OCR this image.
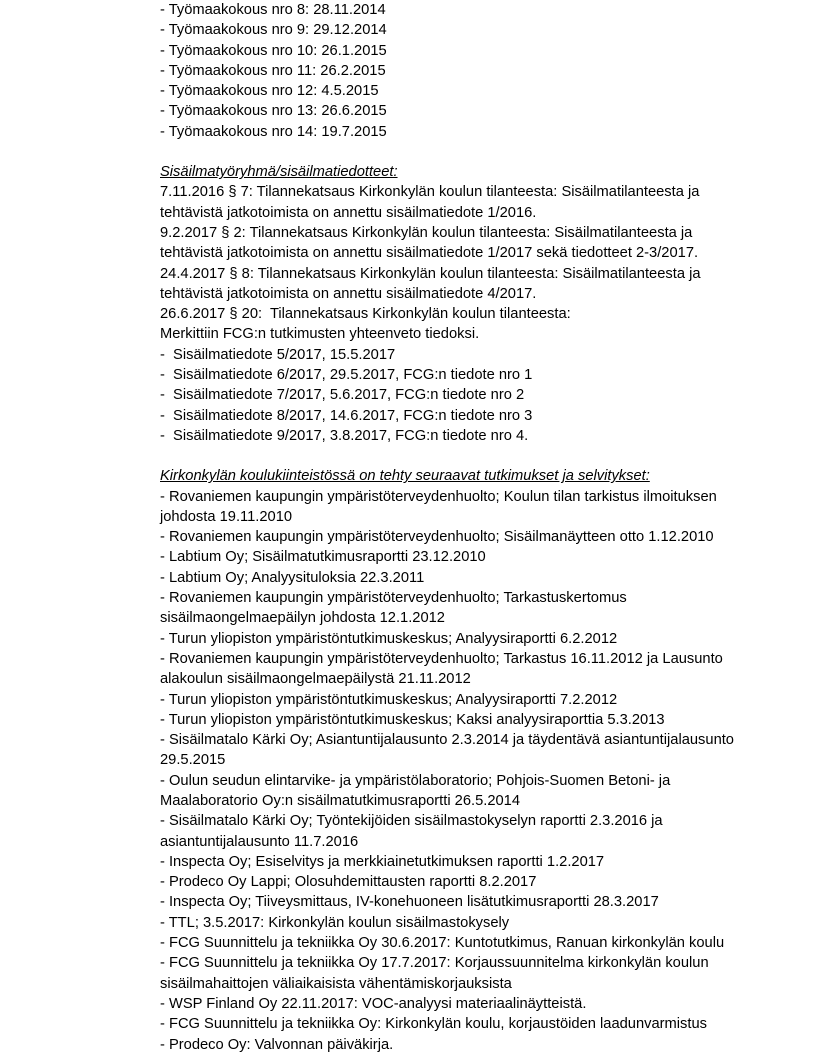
- Työmaakokous nro 8: 28.11.2014
- Työmaakokous nro 9: 29.12.2014
- Työmaakokous nro 10: 26.1.2015
- Työmaakokous nro 11: 26.2.2015
- Työmaakokous nro 12: 4.5.2015
- Työmaakokous nro 13: 26.6.2015
- Työmaakokous nro 14: 19.7.2015
Sisäilmatyöryhmä/sisäilmatiedotteet:
7.11.2016 § 7: Tilannekatsaus Kirkonkylän koulun tilanteesta: Sisäilmatilanteesta ja tehtävistä jatkotoimista on annettu sisäilmatiedote 1/2016.
9.2.2017 § 2: Tilannekatsaus Kirkonkylän koulun tilanteesta: Sisäilmatilanteesta ja tehtävistä jatkotoimista on annettu sisäilmatiedote 1/2017 sekä tiedotteet 2-3/2017.
24.4.2017 § 8: Tilannekatsaus Kirkonkylän koulun tilanteesta: Sisäilmatilanteesta ja tehtävistä jatkotoimista on annettu sisäilmatiedote 4/2017.
26.6.2017 § 20:  Tilannekatsaus Kirkonkylän koulun tilanteesta:
Merkittiin FCG:n tutkimusten yhteenveto tiedoksi.
-  Sisäilmatiedote 5/2017, 15.5.2017
-  Sisäilmatiedote 6/2017, 29.5.2017, FCG:n tiedote nro 1
-  Sisäilmatiedote 7/2017, 5.6.2017, FCG:n tiedote nro 2
-  Sisäilmatiedote 8/2017, 14.6.2017, FCG:n tiedote nro 3
-  Sisäilmatiedote 9/2017, 3.8.2017, FCG:n tiedote nro 4.
Kirkonkylän koulukiinteistössä on tehty seuraavat tutkimukset ja selvitykset:
- Rovaniemen kaupungin ympäristöterveydenhuolto; Koulun tilan tarkistus ilmoituksen johdosta 19.11.2010
- Rovaniemen kaupungin ympäristöterveydenhuolto; Sisäilmanäytteen otto 1.12.2010
- Labtium Oy; Sisäilmatutkimusraportti 23.12.2010
- Labtium Oy; Analyysituloksia 22.3.2011
- Rovaniemen kaupungin ympäristöterveydenhuolto; Tarkastuskertomus sisäilmaongelmaepäilyn johdosta 12.1.2012
- Turun yliopiston ympäristöntutkimuskeskus; Analyysiraportti 6.2.2012
- Rovaniemen kaupungin ympäristöterveydenhuolto; Tarkastus 16.11.2012 ja Lausunto alakoulun sisäilmaongelmaepäilystä 21.11.2012
- Turun yliopiston ympäristöntutkimuskeskus; Analyysiraportti 7.2.2012
- Turun yliopiston ympäristöntutkimuskeskus; Kaksi analyysiraporttia 5.3.2013
- Sisäilmatalo Kärki Oy; Asiantuntijalausunto 2.3.2014 ja täydentävä asiantuntijalausunto 29.5.2015
- Oulun seudun elintarvike- ja ympäristölaboratorio; Pohjois-Suomen Betoni- ja Maalaboratorio Oy:n sisäilmatutkimusraportti 26.5.2014
- Sisäilmatalo Kärki Oy; Työntekijöiden sisäilmastokyselyn raportti 2.3.2016 ja asiantuntijalausunto 11.7.2016
- Inspecta Oy; Esiselvitys ja merkkiainetutkimuksen raportti 1.2.2017
- Prodeco Oy Lappi; Olosuhdemittausten raportti 8.2.2017
- Inspecta Oy; Tiiveysmittaus, IV-konehuoneen lisätutkimusraportti 28.3.2017
- TTL; 3.5.2017: Kirkonkylän koulun sisäilmastokysely
- FCG Suunnittelu ja tekniikka Oy 30.6.2017: Kuntotutkimus, Ranuan kirkonkylän koulu
- FCG Suunnittelu ja tekniikka Oy 17.7.2017: Korjaussuunnitelma kirkonkylän koulun sisäilmahaittojen väliaikaisista vähentämiskorjauksista
- WSP Finland Oy 22.11.2017: VOC-analyysi materiaalinäytteistä.
- FCG Suunnittelu ja tekniikka Oy: Kirkonkylän koulu, korjaustöiden laadunvarmistus
- Prodeco Oy: Valvonnan päiväkirja.
